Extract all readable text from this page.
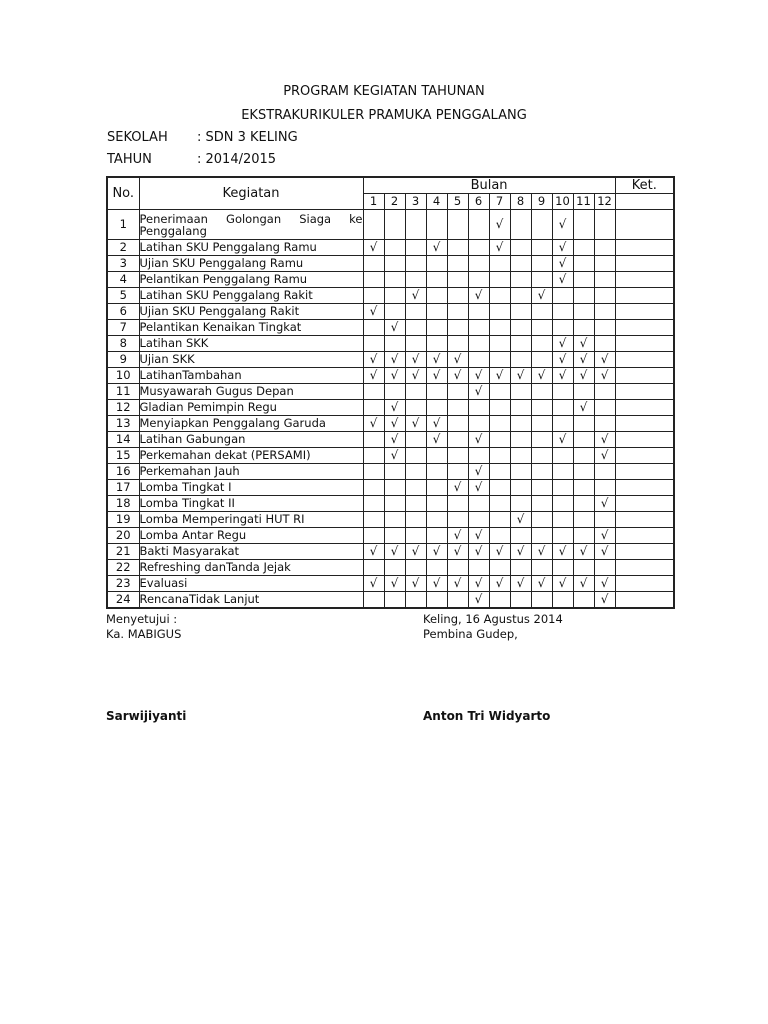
PROGRAM KEGIATAN TAHUNAN
EKSTRAKURIKULER PRAMUKA PENGGALANG
SEKOLAH : SDN 3 KELING
TAHUN	: 2014/2015
No.	Kegiatan	Bulan												Ket.
		1	2	3	4	5	6	7	8	9	10	11	12	
1	Penerimaan Golongan Siaga ke Penggalang							√			√			
2	Latihan SKU Penggalang Ramu	√			√			√			√			
3	Ujian SKU Penggalang Ramu										√			
4	Pelantikan Penggalang Ramu										√			
5	Latihan SKU Penggalang Rakit			√			√			√				
6	Ujian SKU Penggalang Rakit	√												
7	Pelantikan Kenaikan Tingkat		√											
8	Latihan SKK										√	√		
9	Ujian SKK	√	√	√	√	√					√	√	√	
10	LatihanTambahan	√	√	√	√	√	√	√	√	√	√	√	√	
11	Musyawarah Gugus Depan						√							
12	Gladian Pemimpin Regu		√									√		
13	Menyiapkan Penggalang Garuda	√	√	√	√									
14	Latihan Gabungan		√		√		√				√		√	
15	Perkemahan dekat (PERSAMI)		√										√	
16	Perkemahan Jauh						√							
17	Lomba Tingkat I					√	√							
18	Lomba Tingkat II												√	
19	Lomba Memperingati HUT RI								√					
20	Lomba Antar Regu					√	√						√	
21	Bakti Masyarakat	√	√	√	√	√	√	√	√	√	√	√	√	
22	Refreshing danTanda Jejak													
23	Evaluasi	√	√	√	√	√	√	√	√	√	√	√	√	
24	RencanaTidak Lanjut						√						√	
Menyetujui :
Ka. MABIGUS
Keling, 16 Agustus 2014
Pembina Gudep,
Sarwijiyanti	Anton Tri Widyarto
